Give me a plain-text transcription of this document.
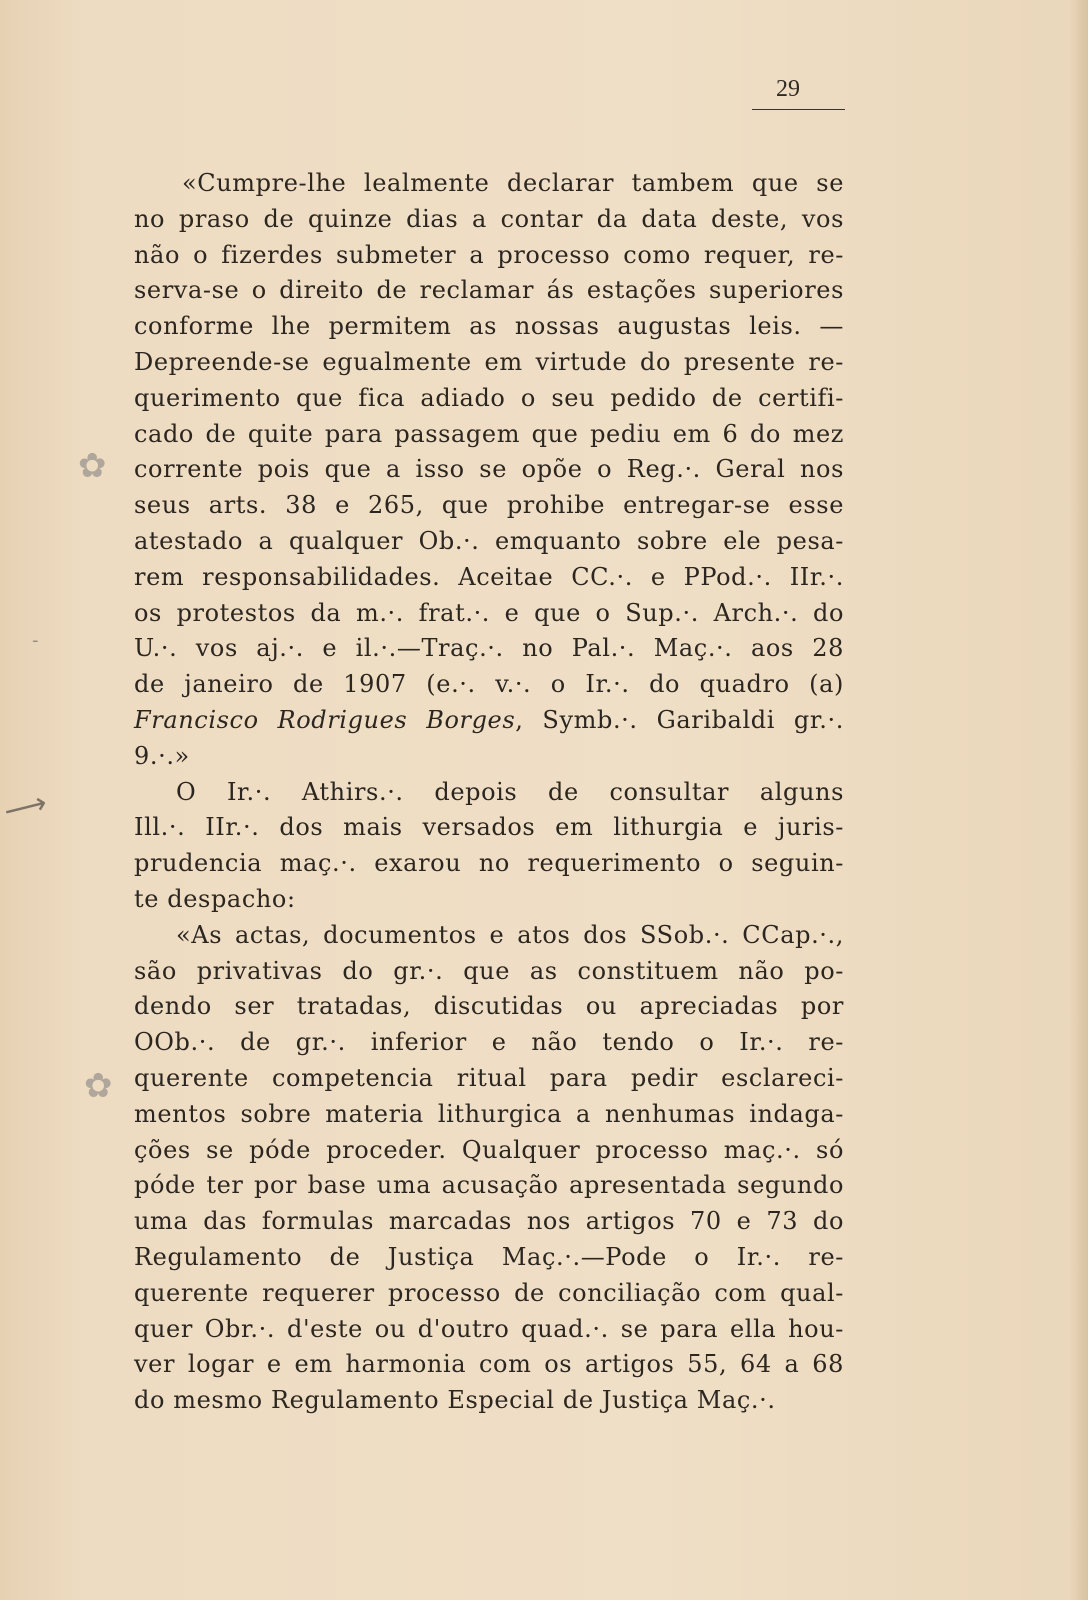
29
✿
✿
⟶
-
«Cumpre-lhe lealmente declarar tambem que se
no praso de quinze dias a contar da data deste, vos
não o fizerdes submeter a processo como requer, re-
serva-se o direito de reclamar ás estações superiores
conforme lhe permitem as nossas augustas leis. —
Depreende-se egualmente em virtude do presente re-
querimento que fica adiado o seu pedido de certifi-
cado de quite para passagem que pediu em 6 do mez
corrente pois que a isso se opõe o Reg.·. Geral nos
seus arts. 38 e 265, que prohibe entregar-se esse
atestado a qualquer Ob.·. emquanto sobre ele pesa-
rem responsabilidades. Aceitae CC.·. e PPod.·. IIr.·.
os protestos da m.·. frat.·. e que o Sup.·. Arch.·. do
U.·. vos aj.·. e il.·.—Traç.·. no Pal.·. Maç.·. aos 28
de janeiro de 1907 (e.·. v.·. o Ir.·. do quadro (a)
Francisco Rodrigues Borges, Symb.·. Garibaldi gr.·.
9.·.»
O Ir.·. Athirs.·. depois de consultar alguns
Ill.·. IIr.·. dos mais versados em lithurgia e juris-
prudencia maç.·. exarou no requerimento o seguin-
te despacho:
«As actas, documentos e atos dos SSob.·. CCap.·.,
são privativas do gr.·. que as constituem não po-
dendo ser tratadas, discutidas ou apreciadas por
OOb.·. de gr.·. inferior e não tendo o Ir.·. re-
querente competencia ritual para pedir esclareci-
mentos sobre materia lithurgica a nenhumas indaga-
ções se póde proceder. Qualquer processo maç.·. só
póde ter por base uma acusação apresentada segundo
uma das formulas marcadas nos artigos 70 e 73 do
Regulamento de Justiça Maç.·.—Pode o Ir.·. re-
querente requerer processo de conciliação com qual-
quer Obr.·. d'este ou d'outro quad.·. se para ella hou-
ver logar e em harmonia com os artigos 55, 64 a 68
do mesmo Regulamento Especial de Justiça Maç.·.
